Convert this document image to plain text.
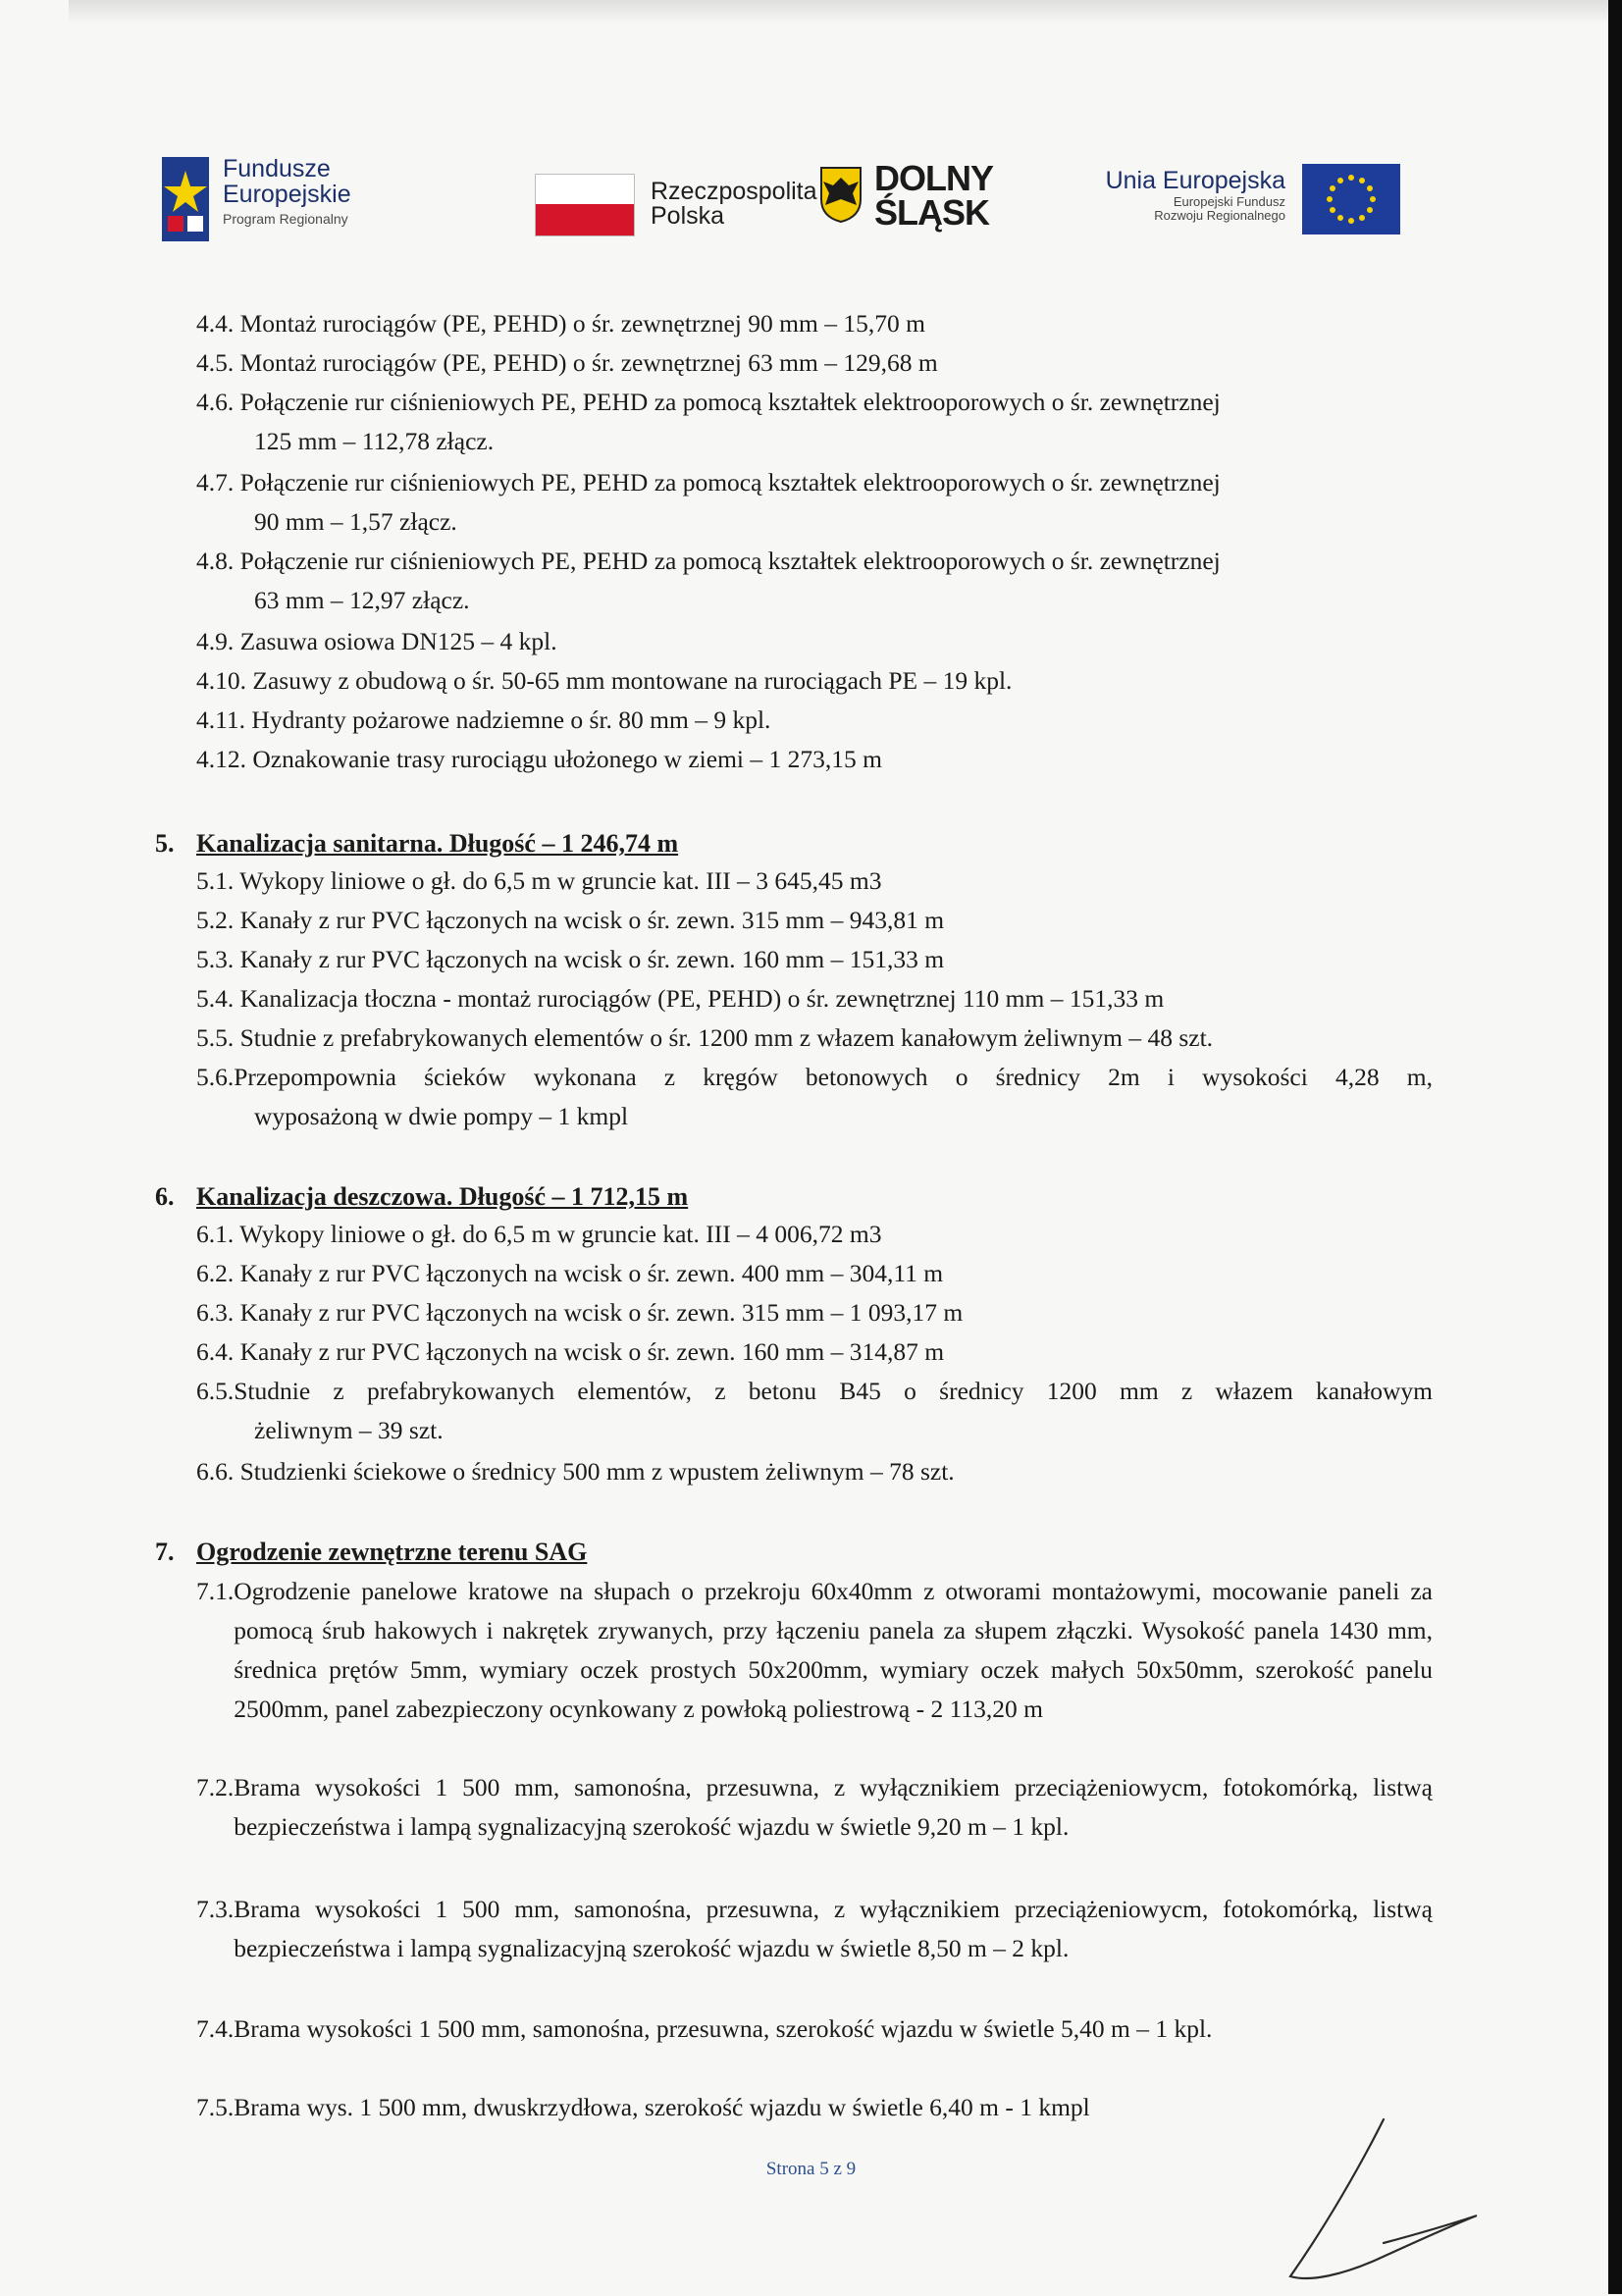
Fundusze
Europejskie
Program Regionalny
Rzeczpospolita
Polska
DOLNY
ŚLĄSK
Unia Europejska
Europejski Fundusz
Rozwoju Regionalnego
4.4. Montaż rurociągów (PE, PEHD) o śr. zewnętrznej 90 mm – 15,70 m
4.5. Montaż rurociągów (PE, PEHD) o śr. zewnętrznej 63 mm – 129,68 m
4.6. Połączenie rur ciśnieniowych PE, PEHD za pomocą kształtek elektrooporowych o śr. zewnętrznej
125 mm – 112,78 złącz.
4.7. Połączenie rur ciśnieniowych PE, PEHD za pomocą kształtek elektrooporowych o śr. zewnętrznej
90 mm – 1,57 złącz.
4.8. Połączenie rur ciśnieniowych PE, PEHD za pomocą kształtek elektrooporowych o śr. zewnętrznej
63 mm – 12,97 złącz.
4.9. Zasuwa osiowa DN125 – 4 kpl.
4.10. Zasuwy z obudową o śr. 50-65 mm montowane na rurociągach PE – 19 kpl.
4.11. Hydranty pożarowe nadziemne o śr. 80 mm – 9 kpl.
4.12. Oznakowanie trasy rurociągu ułożonego w ziemi – 1 273,15 m
5. Kanalizacja sanitarna. Długość – 1 246,74 m
5.1. Wykopy liniowe o gł. do 6,5 m w gruncie kat. III – 3 645,45 m3
5.2. Kanały z rur PVC łączonych na wcisk o śr. zewn. 315 mm – 943,81 m
5.3. Kanały z rur PVC łączonych na wcisk o śr. zewn. 160 mm – 151,33 m
5.4. Kanalizacja tłoczna - montaż rurociągów (PE, PEHD) o śr. zewnętrznej 110 mm – 151,33 m
5.5. Studnie z prefabrykowanych elementów o śr. 1200 mm z włazem kanałowym żeliwnym – 48 szt.
5.6. Przepompownia ścieków wykonana z kręgów betonowych o średnicy 2m i wysokości 4,28 m,
wyposażoną w dwie pompy – 1 kmpl
6. Kanalizacja deszczowa. Długość – 1 712,15 m
6.1. Wykopy liniowe o gł. do 6,5 m w gruncie kat. III – 4 006,72 m3
6.2. Kanały z rur PVC łączonych na wcisk o śr. zewn. 400 mm – 304,11 m
6.3. Kanały z rur PVC łączonych na wcisk o śr. zewn. 315 mm – 1 093,17 m
6.4. Kanały z rur PVC łączonych na wcisk o śr. zewn. 160 mm – 314,87 m
6.5. Studnie z prefabrykowanych elementów, z betonu B45 o średnicy 1200 mm z włazem kanałowym
żeliwnym – 39 szt.
6.6. Studzienki ściekowe o średnicy 500 mm z wpustem żeliwnym – 78 szt.
7. Ogrodzenie zewnętrzne terenu SAG
7.1. Ogrodzenie panelowe kratowe na słupach o przekroju 60x40mm z otworami montażowymi, mocowanie paneli za pomocą śrub hakowych i nakrętek zrywanych, przy łączeniu panela za słupem złączki. Wysokość panela 1430 mm, średnica prętów 5mm, wymiary oczek prostych 50x200mm, wymiary oczek małych 50x50mm, szerokość panelu 2500mm, panel zabezpieczony ocynkowany z powłoką poliestrową - 2 113,20 m
7.2. Brama wysokości 1 500 mm, samonośna, przesuwna, z wyłącznikiem przeciążeniowycm, fotokomórką, listwą bezpieczeństwa i lampą sygnalizacyjną szerokość wjazdu w świetle 9,20 m – 1 kpl.
7.3. Brama wysokości 1 500 mm, samonośna, przesuwna, z wyłącznikiem przeciążeniowycm, fotokomórką, listwą bezpieczeństwa i lampą sygnalizacyjną szerokość wjazdu w świetle 8,50 m – 2 kpl.
7.4. Brama wysokości 1 500 mm, samonośna, przesuwna, szerokość wjazdu w świetle 5,40 m – 1 kpl.
7.5. Brama wys. 1 500 mm, dwuskrzydłowa, szerokość wjazdu w świetle 6,40 m - 1 kmpl
Strona 5 z 9
